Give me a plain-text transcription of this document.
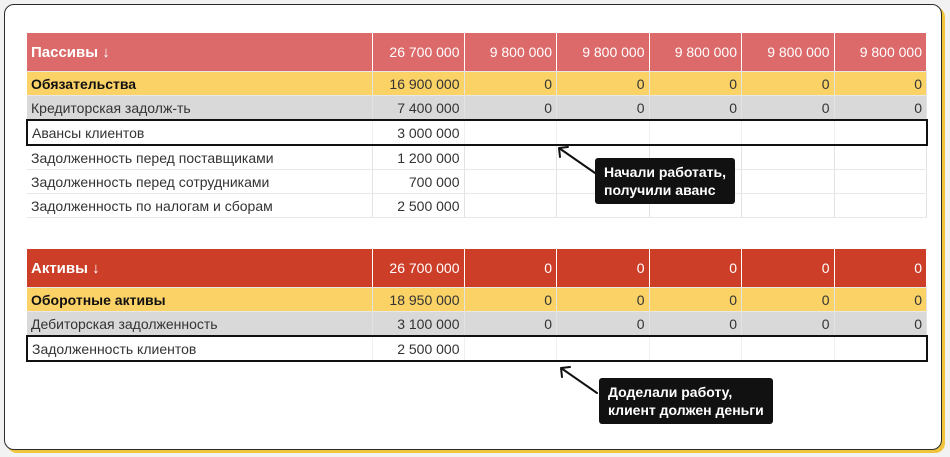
Пассивы ↓	26 700 000	9 800 000	9 800 000	9 800 000	9 800 000	9 800 000
Обязательства	16 900 000	0	0	0	0	0
Кредиторская задолж-ть	7 400 000	0	0	0	0	0
Авансы клиентов	3 000 000					
Задолженность перед поставщиками	1 200 000					
Задолженность перед сотрудниками	700 000					
Задолженность по налогам и сборам	2 500 000					
Активы ↓	26 700 000	0	0	0	0	0
Оборотные активы	18 950 000	0	0	0	0	0
Дебиторская задолженность	3 100 000	0	0	0	0	0
Задолженность клиентов	2 500 000					
Начали работать,
получили аванс
Доделали работу,
клиент должен деньги
